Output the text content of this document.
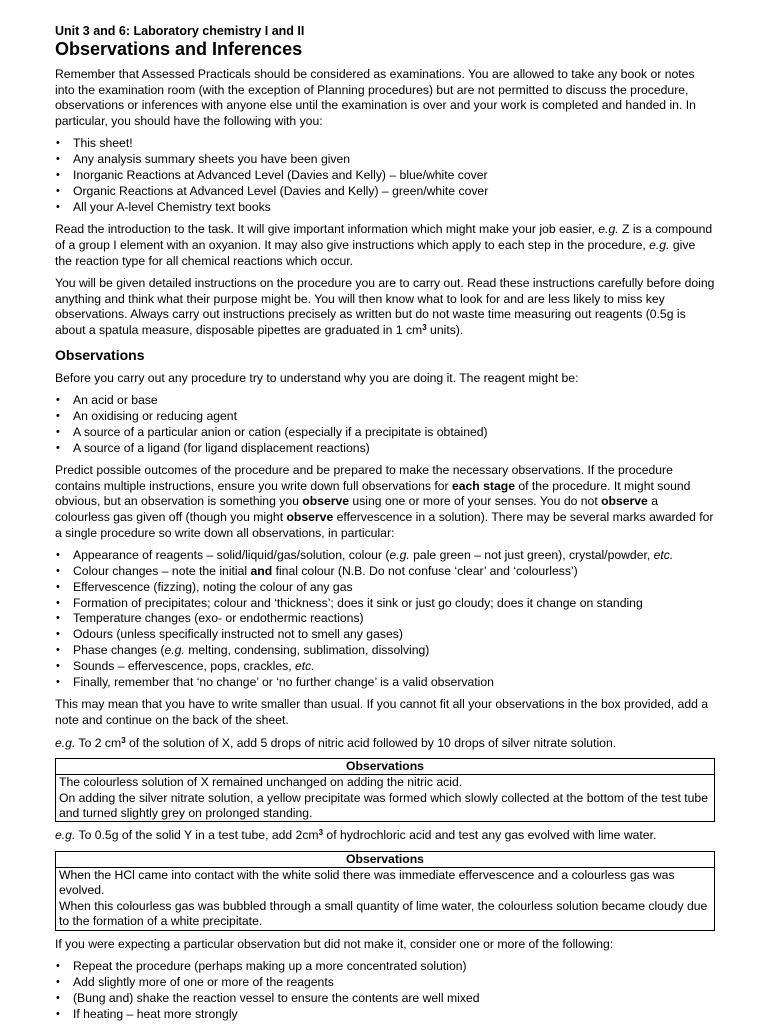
Unit 3 and 6: Laboratory chemistry I and II
Observations and Inferences

Remember that Assessed Practicals should be considered as examinations. You are allowed to take any book or notes into the examination room (with the exception of Planning procedures) but are not permitted to discuss the procedure, observations or inferences with anyone else until the examination is over and your work is completed and handed in. In particular, you should have the following with you:

• This sheet!
• Any analysis summary sheets you have been given
• Inorganic Reactions at Advanced Level (Davies and Kelly) – blue/white cover
• Organic Reactions at Advanced Level (Davies and Kelly) – green/white cover
• All your A-level Chemistry text books

Read the introduction to the task. It will give important information which might make your job easier, e.g. Z is a compound of a group I element with an oxyanion. It may also give instructions which apply to each step in the procedure, e.g. give the reaction type for all chemical reactions which occur.

You will be given detailed instructions on the procedure you are to carry out. Read these instructions carefully before doing anything and think what their purpose might be. You will then know what to look for and are less likely to miss key observations. Always carry out instructions precisely as written but do not waste time measuring out reagents (0.5g is about a spatula measure, disposable pipettes are graduated in 1 $cm^3$ units).

Observations

Before you carry out any procedure try to understand why you are doing it. The reagent might be:

• An acid or base
• An oxidising or reducing agent
• A source of a particular anion or cation (especially if a precipitate is obtained)
• A source of a ligand (for ligand displacement reactions)

Predict possible outcomes of the procedure and be prepared to make the necessary observations. If the procedure contains multiple instructions, ensure you write down full observations for each stage of the procedure. It might sound obvious, but an observation is something you observe using one or more of your senses. You do not observe a colourless gas given off (though you might observe effervescence in a solution). There may be several marks awarded for a single procedure so write down all observations, in particular:

• Appearance of reagents – solid/liquid/gas/solution, colour (e.g. pale green – not just green), crystal/powder, etc.
• Colour changes – note the initial and final colour (N.B. Do not confuse ‘clear’ and ‘colourless’)
• Effervescence (fizzing), noting the colour of any gas
• Formation of precipitates; colour and ‘thickness’; does it sink or just go cloudy; does it change on standing
• Temperature changes (exo- or endothermic reactions)
• Odours (unless specifically instructed not to smell any gases)
• Phase changes (e.g. melting, condensing, sublimation, dissolving)
• Sounds – effervescence, pops, crackles, etc.
• Finally, remember that ‘no change’ or ‘no further change’ is a valid observation

This may mean that you have to write smaller than usual. If you cannot fit all your observations in the box provided, add a note and continue on the back of the sheet.

e.g. To 2 $cm^3$ of the solution of X, add 5 drops of nitric acid followed by 10 drops of silver nitrate solution.

Observations
The colourless solution of X remained unchanged on adding the nitric acid.
On adding the silver nitrate solution, a yellow precipitate was formed which slowly collected at the bottom of the test tube and turned slightly grey on prolonged standing.

e.g. To 0.5g of the solid Y in a test tube, add $2cm^3$ of hydrochloric acid and test any gas evolved with lime water.

Observations
When the HCl came into contact with the white solid there was immediate effervescence and a colourless gas was evolved.
When this colourless gas was bubbled through a small quantity of lime water, the colourless solution became cloudy due to the formation of a white precipitate.

If you were expecting a particular observation but did not make it, consider one or more of the following:

• Repeat the procedure (perhaps making up a more concentrated solution)
• Add slightly more of one or more of the reagents
• (Bung and) shake the reaction vessel to ensure the contents are well mixed
• If heating – heat more strongly
